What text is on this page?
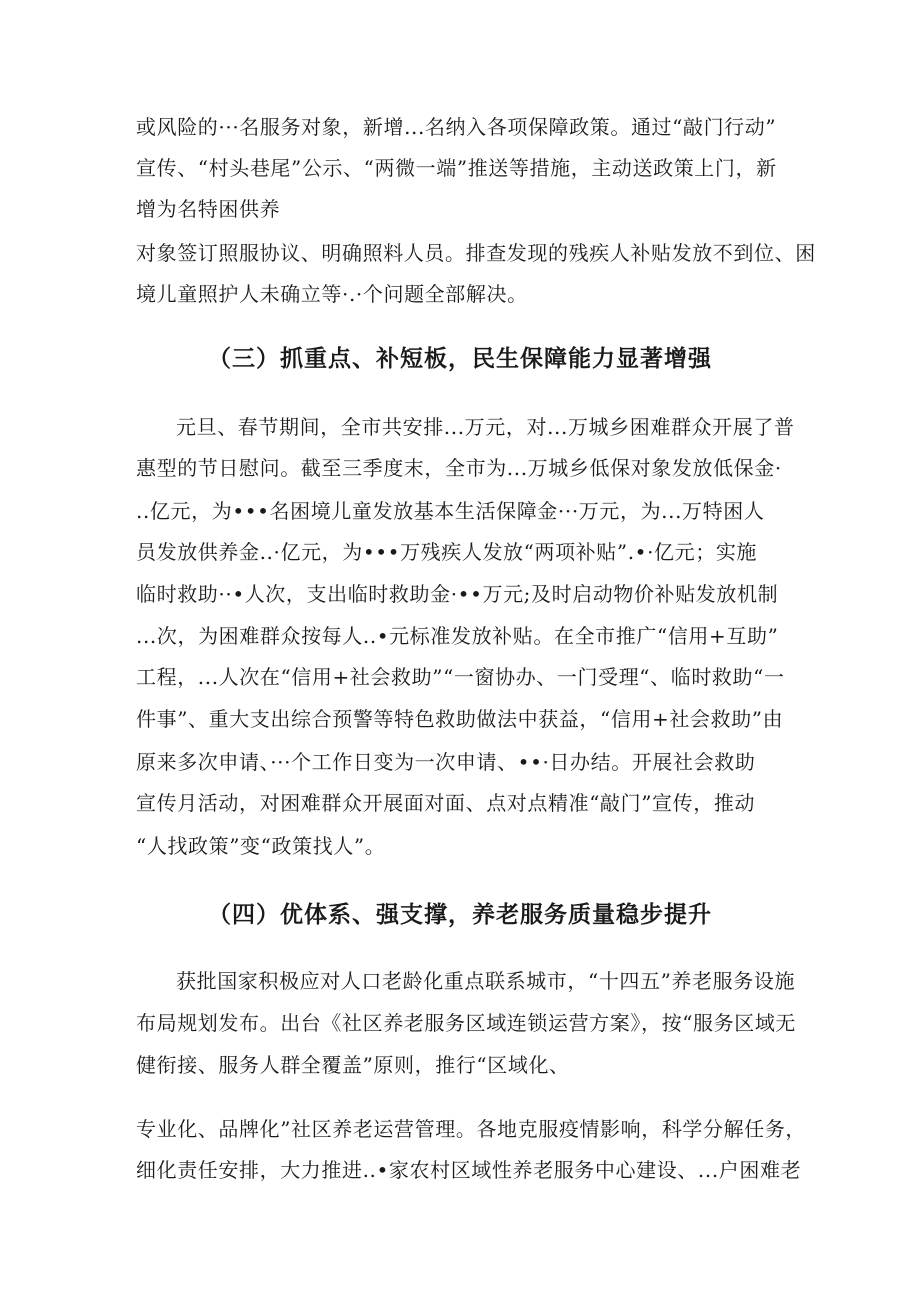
或风险的···名服务对象，新增...名纳入各项保障政策。通过“敲门行动”
宣传、“村头巷尾”公示、“两微一端”推送等措施，主动送政策上门，新
增为名特困供养
对象签订照服协议、明确照料人员。排查发现的残疾人补贴发放不到位、困
境儿童照护人未确立等·.·个问题全部解决。
（三）抓重点、补短板，民生保障能力显著增强
元旦、春节期间，全市共安排...万元，对...万城乡困难群众开展了普
惠型的节日慰问。截至三季度末，全市为...万城乡低保对象发放低保金·
..亿元，为•••名困境儿童发放基本生活保障金···万元，为...万特困人
员发放供养金..·亿元，为•••万残疾人发放“两项补贴”.•·亿元；实施
临时救助··•人次，支出临时救助金·••万元;及时启动物价补贴发放机制
...次，为困难群众按每人..•元标准发放补贴。在全市推广“信用+互助”
工程，...人次在“信用+社会救助”“一窗协办、一门受理“、临时救助“一
件事”、重大支出综合预警等特色救助做法中获益，“信用+社会救助”由
原来多次申请、···个工作日变为一次申请、••·日办结。开展社会救助
宣传月活动，对困难群众开展面对面、点对点精准“敲门”宣传，推动
“人找政策”变“政策找人”。
（四）优体系、强支撑，养老服务质量稳步提升
获批国家积极应对人口老龄化重点联系城市，“十四五”养老服务设施
布局规划发布。出台《社区养老服务区域连锁运营方案》，按“服务区域无
健衔接、服务人群全覆盖”原则，推行“区域化、
专业化、品牌化”社区养老运营管理。各地克服疫情影响，科学分解任务，
细化责任安排，大力推进..•家农村区域性养老服务中心建设、...户困难老
